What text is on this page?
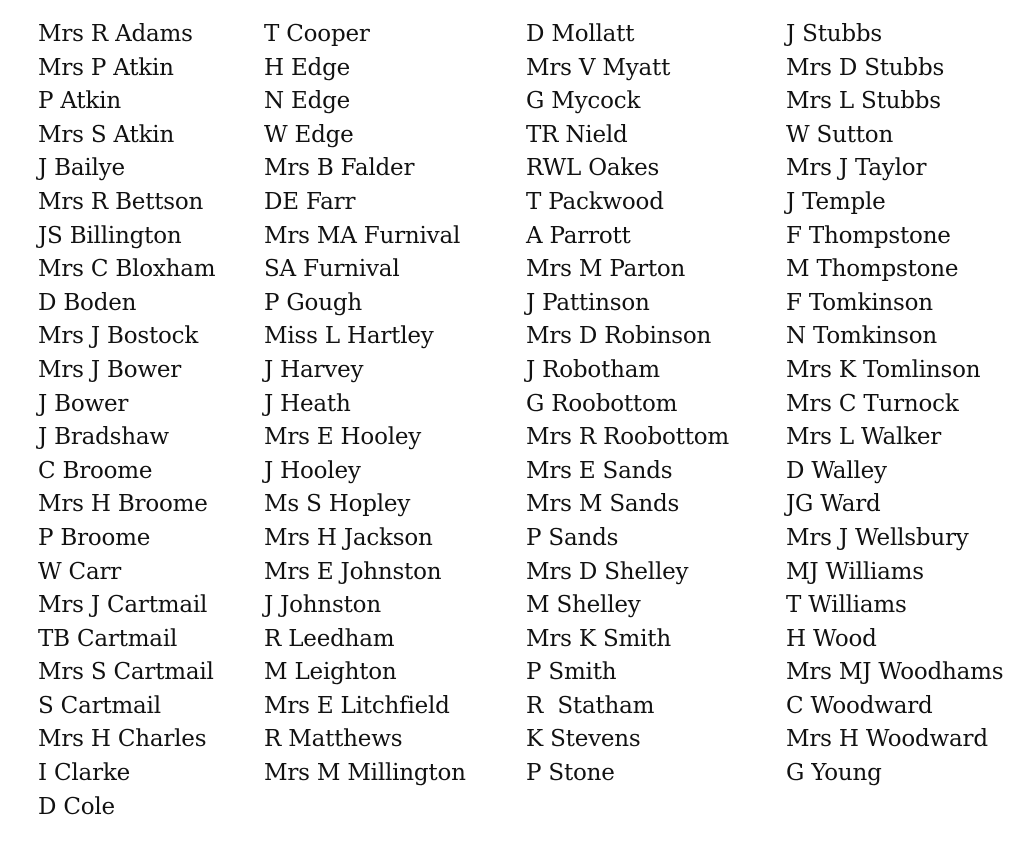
Mrs R Adams
Mrs P Atkin
P Atkin
Mrs S Atkin
J Bailye
Mrs R Bettson
JS Billington
Mrs C Bloxham
D Boden
Mrs J Bostock
Mrs J Bower
J Bower
J Bradshaw
C Broome
Mrs H Broome
P Broome
W Carr
Mrs J Cartmail
TB Cartmail
Mrs S Cartmail
S Cartmail
Mrs H Charles
I Clarke
D Cole
T Cooper
H Edge
N Edge
W Edge
Mrs B Falder
DE Farr
Mrs MA Furnival
SA Furnival
P Gough
Miss L Hartley
J Harvey
J Heath
Mrs E Hooley
J Hooley
Ms S Hopley
Mrs H Jackson
Mrs E Johnston
J Johnston
R Leedham
M Leighton
Mrs E Litchfield
R Matthews
Mrs M Millington
D Mollatt
Mrs V Myatt
G Mycock
TR Nield
RWL Oakes
T Packwood
A Parrott
Mrs M Parton
J Pattinson
Mrs D Robinson
J Robotham
G Roobottom
Mrs R Roobottom
Mrs E Sands
Mrs M Sands
P Sands
Mrs D Shelley
M Shelley
Mrs K Smith
P Smith
R  Statham
K Stevens
P Stone
J Stubbs
Mrs D Stubbs
Mrs L Stubbs
W Sutton
Mrs J Taylor
J Temple
F Thompstone
M Thompstone
F Tomkinson
N Tomkinson
Mrs K Tomlinson
Mrs C Turnock
Mrs L Walker
D Walley
JG Ward
Mrs J Wellsbury
MJ Williams
T Williams
H Wood
Mrs MJ Woodhams
C Woodward
Mrs H Woodward
G Young
